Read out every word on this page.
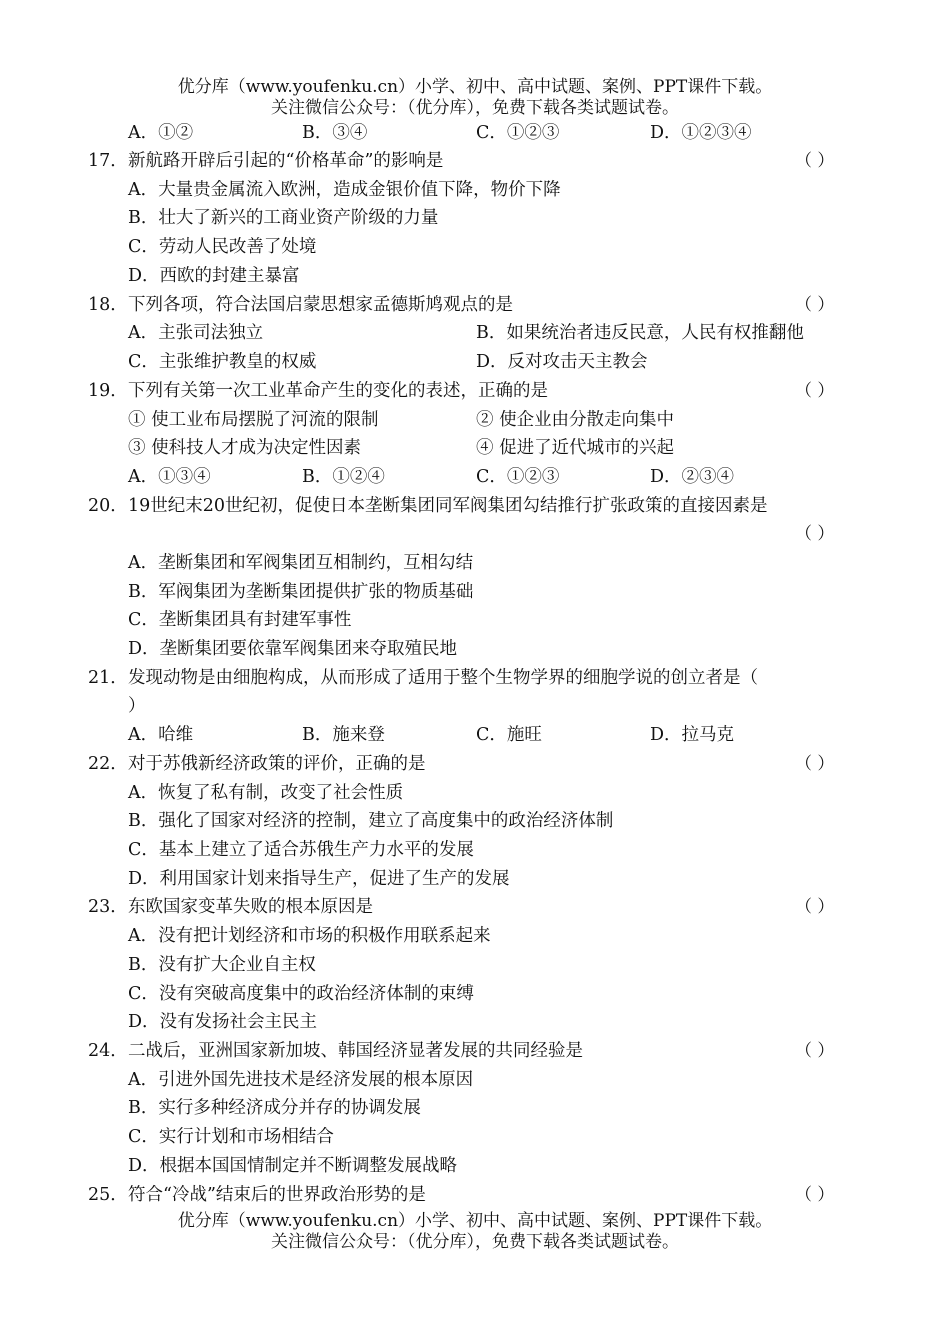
优分库（www.youfenku.cn）小学、初中、高中试题、案例、PPT课件下载。
关注微信公众号：（优分库），免费下载各类试题试卷。
A．①②	B．③④	C．①②③	D．①②③④
17． 新航路开辟后引起的“价格革命”的影响是	（ ）
A．大量贵金属流入欧洲，造成金银价值下降，物价下降
B．壮大了新兴的工商业资产阶级的力量
C．劳动人民改善了处境
D．西欧的封建主暴富
18． 下列各项，符合法国启蒙思想家孟德斯鸠观点的是	（ ）
A．主张司法独立	B．如果统治者违反民意，人民有权推翻他
C．主张维护教皇的权威	D．反对攻击天主教会
19． 下列有关第一次工业革命产生的变化的表述，正确的是	（ ）
① 使工业布局摆脱了河流的限制	② 使企业由分散走向集中
③ 使科技人才成为决定性因素	④ 促进了近代城市的兴起
A．①③④	B．①②④	C．①②③	D．②③④
20． 19世纪末20世纪初，促使日本垄断集团同军阀集团勾结推行扩张政策的直接因素是
（ ）
A．垄断集团和军阀集团互相制约，互相勾结
B．军阀集团为垄断集团提供扩张的物质基础
C．垄断集团具有封建军事性
D．垄断集团要依靠军阀集团来夺取殖民地
21． 发现动物是由细胞构成，从而形成了适用于整个生物学界的细胞学说的创立者是（
）
A．哈维	B．施来登	C．施旺	D．拉马克
22． 对于苏俄新经济政策的评价，正确的是	（ ）
A．恢复了私有制，改变了社会性质
B．强化了国家对经济的控制，建立了高度集中的政治经济体制
C．基本上建立了适合苏俄生产力水平的发展
D．利用国家计划来指导生产，促进了生产的发展
23． 东欧国家变革失败的根本原因是	（ ）
A．没有把计划经济和市场的积极作用联系起来
B．没有扩大企业自主权
C．没有突破高度集中的政治经济体制的束缚
D．没有发扬社会主民主
24． 二战后，亚洲国家新加坡、韩国经济显著发展的共同经验是	（ ）
A．引进外国先进技术是经济发展的根本原因
B．实行多种经济成分并存的协调发展
C．实行计划和市场相结合
D．根据本国国情制定并不断调整发展战略
25． 符合“冷战”结束后的世界政治形势的是	（ ）
优分库（www.youfenku.cn）小学、初中、高中试题、案例、PPT课件下载。
关注微信公众号：（优分库），免费下载各类试题试卷。
